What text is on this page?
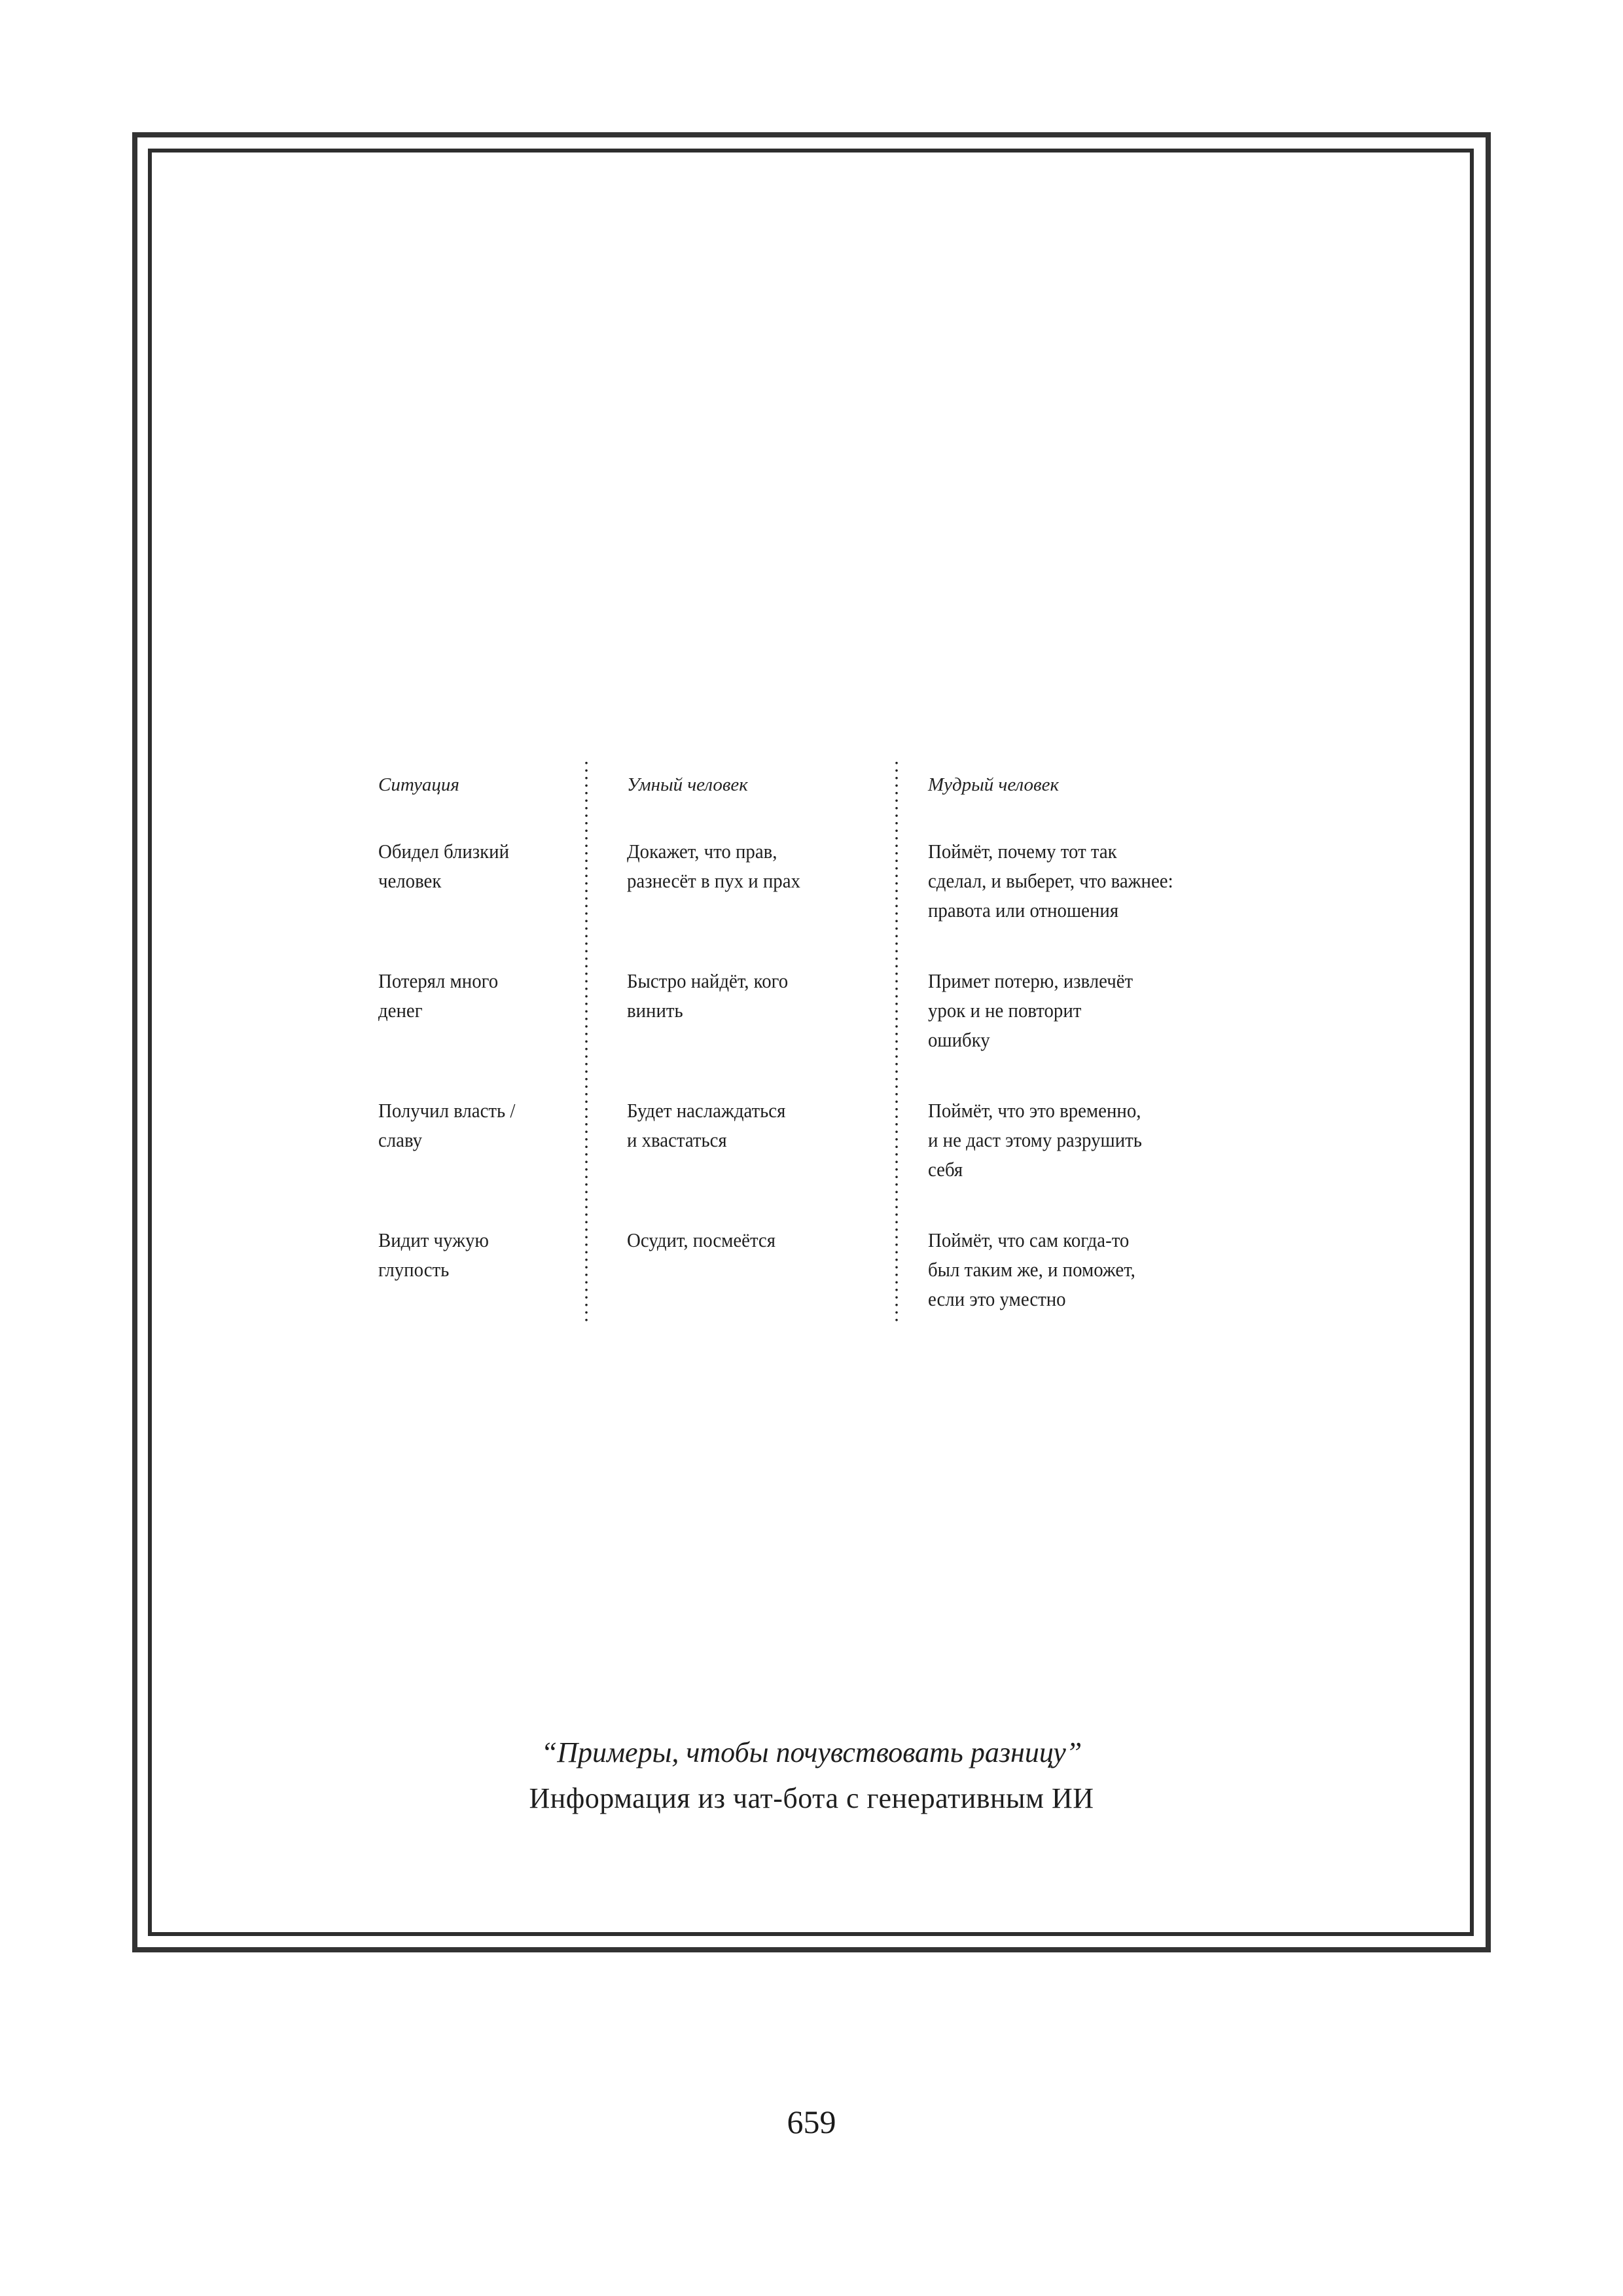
Ситуация
Обидел близкий
человек
Потерял много
денег
Получил власть /
славу
Видит чужую
глупость
Умный человек
Докажет, что прав,
разнесёт в пух и прах
Быстро найдёт, кого
винить
Будет наслаждаться
и хвастаться
Осудит, посмеётся
Мудрый человек
Поймёт, почему тот так
сделал, и выберет, что важнее:
правота или отношения
Примет потерю, извлечёт
урок и не повторит
ошибку
Поймёт, что это временно,
и не даст этому разрушить
себя
Поймёт, что сам когда-то
был таким же, и поможет,
если это уместно
“Примеры, чтобы почувствовать разницу”
Информация из чат-бота с генеративным ИИ
659
